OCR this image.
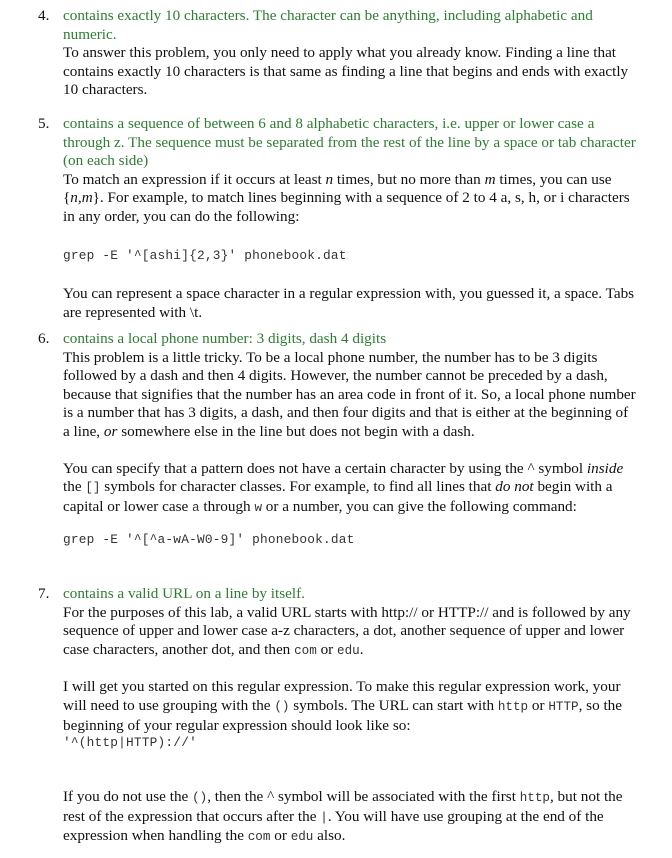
4. contains exactly 10 characters. The character can be anything, including alphabetic and numeric.

To answer this problem, you only need to apply what you already know. Finding a line that contains exactly 10 characters is that same as finding a line that begins and ends with exactly 10 characters.

5. contains a sequence of between 6 and 8 alphabetic characters, i.e. upper or lower case a through z. The sequence must be separated from the rest of the line by a space or tab character (on each side)

To match an expression if it occurs at least n times, but no more than m times, you can use {n,m}. For example, to match lines beginning with a sequence of 2 to 4 a, s, h, or i characters in any order, you can do the following:

grep -E '^[ashi]{2,3}' phonebook.dat

You can represent a space character in a regular expression with, you guessed it, a space. Tabs are represented with \t.

6. contains a local phone number: 3 digits, dash 4 digits

This problem is a little tricky. To be a local phone number, the number has to be 3 digits followed by a dash and then 4 digits. However, the number cannot be preceded by a dash, because that signifies that the number has an area code in front of it. So, a local phone number is a number that has 3 digits, a dash, and then four digits and that is either at the beginning of a line, or somewhere else in the line but does not begin with a dash.

You can specify that a pattern does not have a certain character by using the ^ symbol inside the [] symbols for character classes. For example, to find all lines that do not begin with a capital or lower case a through w or a number, you can give the following command:

grep -E '^[^a-wA-W0-9]' phonebook.dat

7. contains a valid URL on a line by itself.

For the purposes of this lab, a valid URL starts with http:// or HTTP:// and is followed by any sequence of upper and lower case a-z characters, a dot, another sequence of upper and lower case characters, another dot, and then com or edu.

I will get you started on this regular expression. To make this regular expression work, your will need to use grouping with the () symbols. The URL can start with http or HTTP, so the beginning of your regular expression should look like so:

'^(http|HTTP)://'

If you do not use the (), then the ^ symbol will be associated with the first http, but not the rest of the expression that occurs after the |. You will have use grouping at the end of the expression when handling the com or edu also.
